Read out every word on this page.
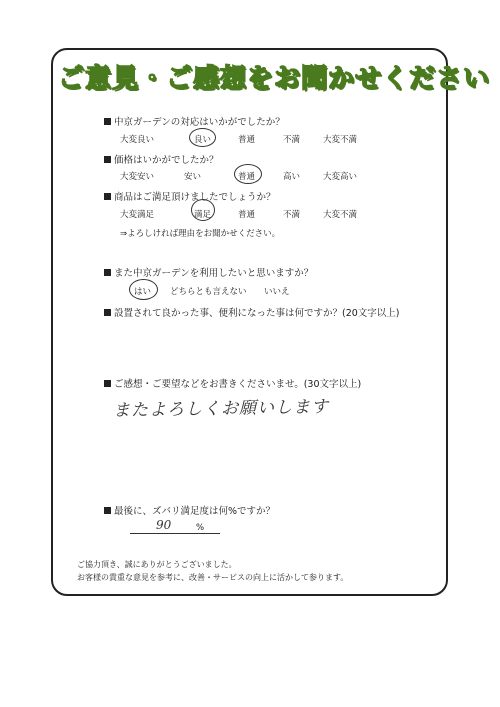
ご意見・ご感想をお聞かせください
中京ガーデンの対応はいかがでしたか？
大変良い	良い	普通	不満	大変不満
価格はいかがでしたか？
大変安い	安い	普通	高い	大変高い
商品はご満足頂けましたでしょうか？
大変満足	満足	普通	不満	大変不満
⇒よろしければ理由をお聞かせください。
また中京ガーデンを利用したいと思いますか？
はい どちらとも言えない いいえ
設置されて良かった事、便利になった事は何ですか？(20文字以上)
ご感想・ご要望などをお書きくださいませ。(30文字以上)
またよろしくお願いします
最後に、ズバリ満足度は何%ですか？
90	%
ご協力頂き、誠にありがとうございました。
お客様の貴重な意見を参考に、改善・サービスの向上に活かして参ります。
